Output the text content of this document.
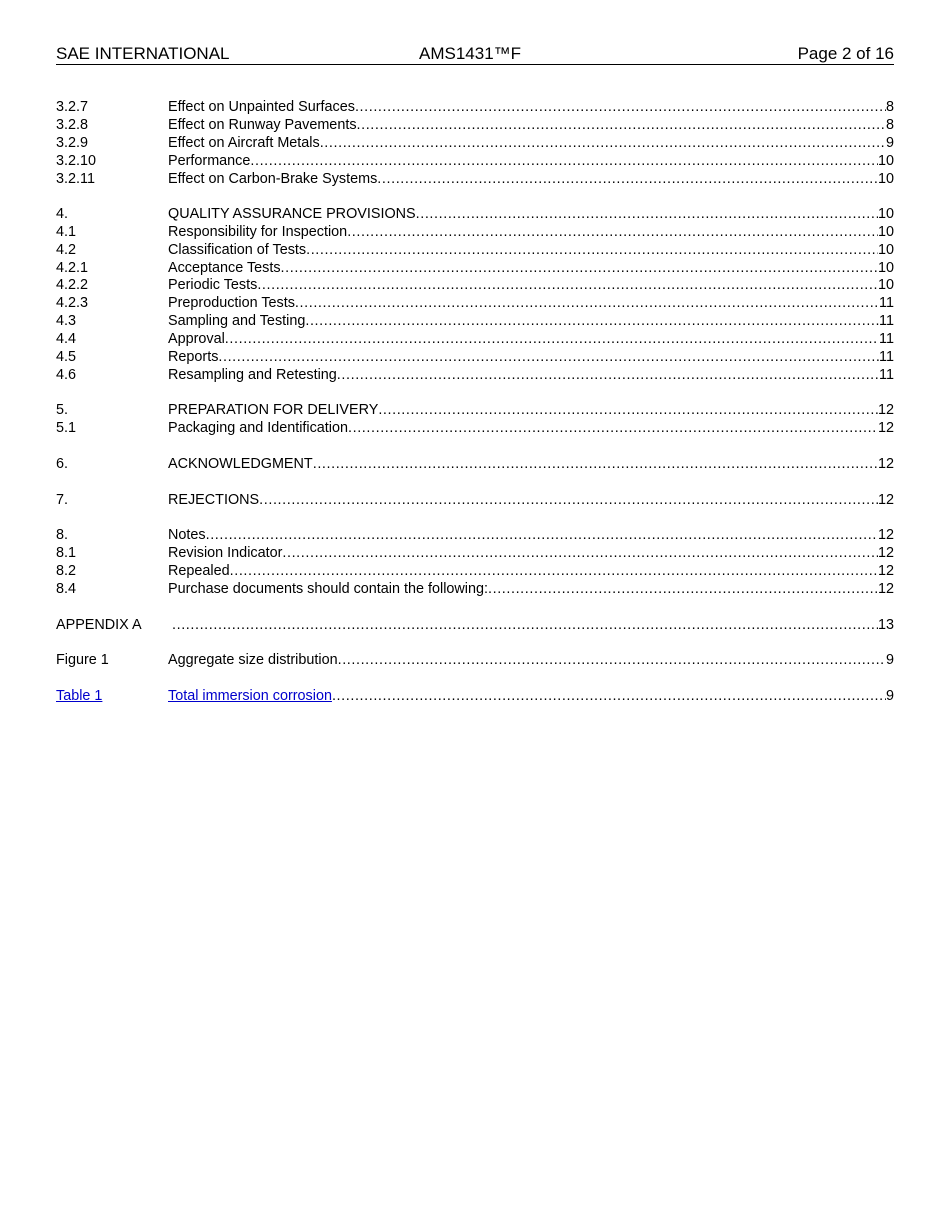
SAE INTERNATIONAL	AMS1431™F	Page 2 of 16
3.2.7	Effect on Unpainted Surfaces .....	8
3.2.8	Effect on Runway Pavements .....	8
3.2.9	Effect on Aircraft Metals .....	9
3.2.10	Performance .....	10
3.2.11	Effect on Carbon-Brake Systems .....	10
4.	QUALITY ASSURANCE PROVISIONS .....	10
4.1	Responsibility for Inspection .....	10
4.2	Classification of Tests .....	10
4.2.1	Acceptance Tests .....	10
4.2.2	Periodic Tests .....	10
4.2.3	Preproduction Tests .....	11
4.3	Sampling and Testing .....	11
4.4	Approval .....	11
4.5	Reports .....	11
4.6	Resampling and Retesting .....	11
5.	PREPARATION FOR DELIVERY .....	12
5.1	Packaging and Identification .....	12
6.	ACKNOWLEDGMENT .....	12
7.	REJECTIONS .....	12
8.	Notes .....	12
8.1	Revision Indicator .....	12
8.2	Repealed .....	12
8.4	Purchase documents should contain the following: .....	12
APPENDIX A .....	13
Figure 1	Aggregate size distribution .....	9
Table 1	Total immersion corrosion .....	9
